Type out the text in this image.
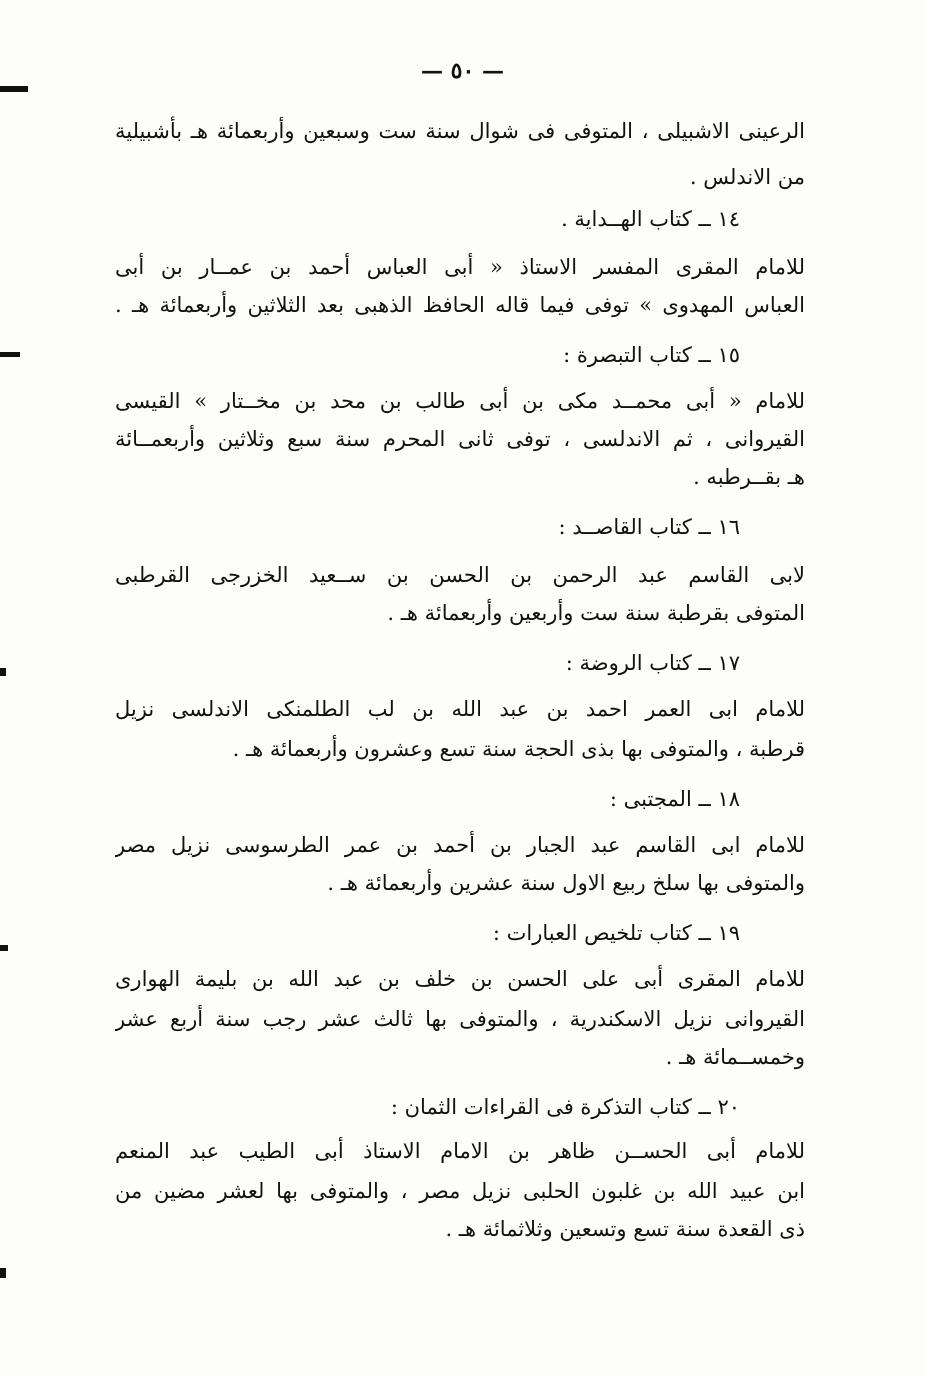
— ٥٠ —
الرعينى الاشبيلى ، المتوفى فى شوال سنة ست وسبعين وأربعمائة هـ بأشبيلية
من الاندلس .
١٤ ــ كتاب الهــداية .
للامام المقرى المفسر الاستاذ « أبى العباس أحمد بن عمــار بن أبى
العباس المهدوى » توفى فيما قاله الحافظ الذهبى بعد الثلاثين وأربعمائة هـ .
١٥ ــ كتاب التبصرة :
للامام « أبى محمــد مكى بن أبى طالب بن محد بن مخــتار » القيسى
القيروانى ، ثم الاندلسى ، توفى ثانى المحرم سنة سبع وثلاثين وأربعمــائة
هـ بقــرطبه .
١٦ ــ كتاب القاصــد :
لابى القاسم عبد الرحمن بن الحسن بن ســعيد الخزرجى القرطبى
المتوفى بقرطبة سنة ست وأربعين وأربعمائة هـ .
١٧ ــ كتاب الروضة :
للامام ابى العمر احمد بن عبد الله بن لب الطلمنكى الاندلسى نزيل
قرطبة ، والمتوفى بها بذى الحجة سنة تسع وعشرون وأربعمائة هـ .
١٨ ــ المجتبى :
للامام ابى القاسم عبد الجبار بن أحمد بن عمر الطرسوسى نزيل مصر
والمتوفى بها سلخ ربيع الاول سنة عشرين وأربعمائة هـ .
١٩ ــ كتاب تلخيص العبارات :
للامام المقرى أبى على الحسن بن خلف بن عبد الله بن بليمة الهوارى
القيروانى نزيل الاسكندرية ، والمتوفى بها ثالث عشر رجب سنة أربع عشر
وخمســمائة هـ .
٢٠ ــ كتاب التذكرة فى القراءات الثمان :
للامام أبى الحســن ظاهر بن الامام الاستاذ أبى الطيب عبد المنعم
ابن عبيد الله بن غلبون الحلبى نزيل مصر ، والمتوفى بها لعشر مضين من
ذى القعدة سنة تسع وتسعين وثلاثمائة هـ .
